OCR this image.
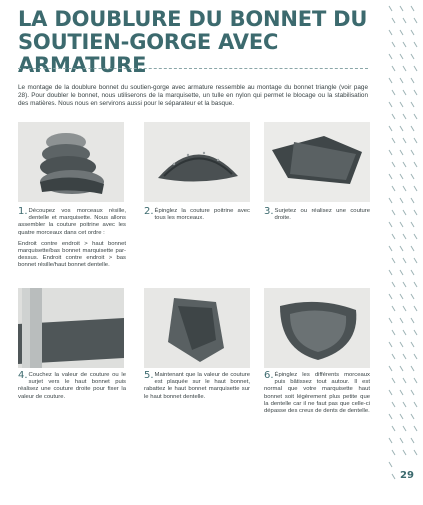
LA DOUBLURE DU BONNET DU SOUTIEN-GORGE AVEC ARMATURE
Le montage de la doublure bonnet du soutien-gorge avec armature ressemble au montage du bonnet triangle (voir page 28). Pour doubler le bonnet, nous utiliserons de la marquisette, un tulle en nylon qui permet le blocage ou la stabilisation des matières. Nous nous en servirons aussi pour le séparateur et la basque.

1. Découpez vos morceaux résille, dentelle et marquisette. Nous allons assembler la couture poitrine avec les quatre morceaux dans cet ordre :

Endroit contre endroit > haut bonnet marquisette/bas bonnet marquisette par-dessus. Endroit contre endroit > bas bonnet résille/haut bonnet dentelle.

2. Épinglez la couture poitrine avec tous les morceaux.

3. Surjetez ou réalisez une couture droite.

4. Couchez la valeur de couture ou le surjet vers le haut bonnet puis réalisez une couture droite pour fixer la valeur de couture.

5. Maintenant que la valeur de couture est plaquée sur le haut bonnet, rabattez le haut bonnet marquisette sur le haut bonnet dentelle.

6. Épinglez les différents morceaux puis bâtissez tout autour. Il est normal que votre marquisette haut bonnet soit légèrement plus petite que la dentelle car il ne faut pas que celle-ci dépasse des creux de dents de dentelle.

29
